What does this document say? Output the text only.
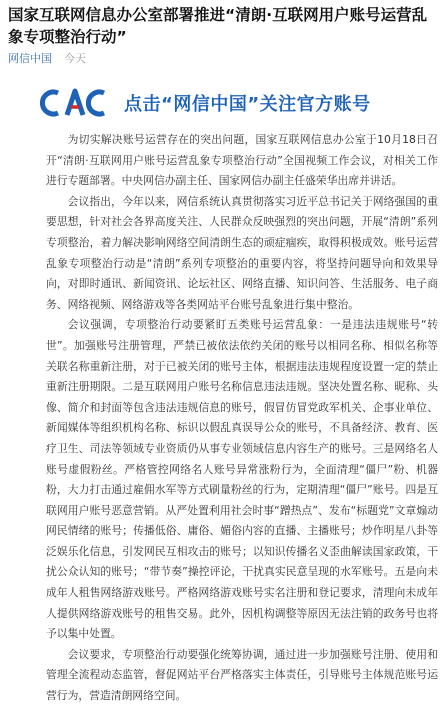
国家互联网信息办公室部署推进“清朗·互联网用户账号运营乱象专项整治行动”
网信中国 今天
点击“网信中国”关注官方账号

为切实解决账号运营存在的突出问题，国家互联网信息办公室于10月18日召开“清朗·互联网用户账号运营乱象专项整治行动”全国视频工作会议，对相关工作进行专题部署。中央网信办副主任、国家网信办副主任盛荣华出席并讲话。

会议指出，今年以来，网信系统认真贯彻落实习近平总书记关于网络强国的重要思想，针对社会各界高度关注、人民群众反映强烈的突出问题，开展“清朗”系列专项整治，着力解决影响网络空间清朗生态的顽症痼疾，取得积极成效。账号运营乱象专项整治行动是“清朗”系列专项整治的重要内容，将坚持问题导向和效果导向，对即时通讯、新闻资讯、论坛社区、网络直播、知识问答、生活服务、电子商务、网络视频、网络游戏等各类网站平台账号乱象进行集中整治。

会议强调，专项整治行动要紧盯五类账号运营乱象：一是违法违规账号“转世”。加强账号注册管理，严禁已被依法依约关闭的账号以相同名称、相似名称等关联名称重新注册，对于已被关闭的账号主体，根据违法违规程度设置一定的禁止重新注册期限。二是互联网用户账号名称信息违法违规。坚决处置名称、昵称、头像、简介和封面等包含违法违规信息的账号，假冒仿冒党政军机关、企事业单位、新闻媒体等组织机构名称、标识以假乱真误导公众的账号，不具备经济、教育、医疗卫生、司法等领域专业资质仍从事专业领域信息内容生产的账号。三是网络名人账号虚假粉丝。严格管控网络名人账号异常涨粉行为，全面清理“僵尸”粉、机器粉，大力打击通过雇佣水军等方式刷量粉丝的行为，定期清理“僵尸”账号。四是互联网用户账号恶意营销。从严处置利用社会时事“蹭热点”、发布“标题党”文章煽动网民情绪的账号；传播低俗、庸俗、媚俗内容的直播、主播账号；炒作明星八卦等泛娱乐化信息，引发网民互相攻击的账号；以知识传播名义歪曲解读国家政策，干扰公众认知的账号；“带节奏”操控评论，干扰真实民意呈现的水军账号。五是向未成年人租售网络游戏账号。严格网络游戏账号实名注册和登记要求，清理向未成年人提供网络游戏账号的租售交易。此外，因机构调整等原因无法注销的政务号也将予以集中处置。

会议要求，专项整治行动要强化统筹协调，通过进一步加强账号注册、使用和管理全流程动态监管，督促网站平台严格落实主体责任，引导账号主体规范账号运营行为，营造清朗网络空间。
